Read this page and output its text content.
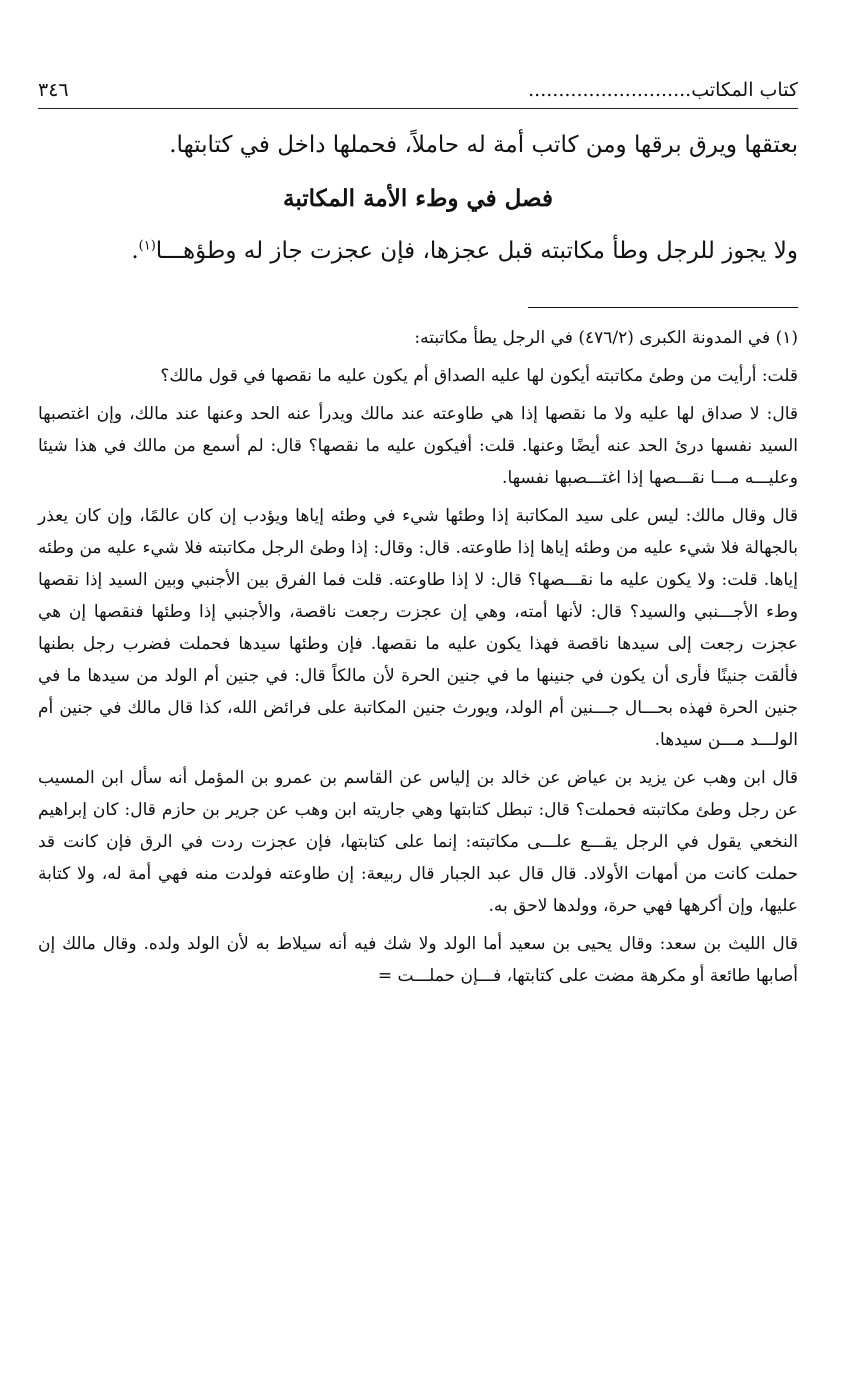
كتاب المكاتب...........................
٣٤٦
بعتقها ويرق برقها ومن كاتب أمة له حاملاً، فحملها داخل في كتابتها.
فصل في وطء الأمة المكاتبة
ولا يجوز للرجل وطأ مكاتبته قبل عجزها، فإن عجزت جاز له وطؤهـــا$^{(١)}$.

(١) في المدونة الكبرى (٤٧٦/٢) في الرجل يطأ مكاتبته:

قلت: أرأيت من وطئ مكاتبته أيكون لها عليه الصداق أم يكون عليه ما نقصها في قول مالك؟

قال: لا صداق لها عليه ولا ما نقصها إذا هي طاوعته عند مالك ويدرأ عنه الحد وعنها عند مالك، وإن اغتصبها السيد نفسها درئ الحد عنه أيضًا وعنها. قلت: أفيكون عليه ما نقصها؟ قال: لم أسمع من مالك في هذا شيئا وعليـــه مـــا نقـــصها إذا اغتـــصبها نفسها.

قال وقال مالك: ليس على سيد المكاتبة إذا وطئها شيء في وطئه إياها ويؤدب إن كان عالمًا، وإن كان يعذر بالجهالة فلا شيء عليه من وطئه إياها إذا طاوعته. قال: وقال: إذا وطئ الرجل مكاتبته فلا شيء عليه من وطئه إياها. قلت: ولا يكون عليه ما نقـــصها؟ قال: لا إذا طاوعته. قلت فما الفرق بين الأجنبي وبين السيد إذا نقصها وطء الأجـــنبي والسيد؟ قال: لأنها أمته، وهي إن عجزت رجعت ناقصة، والأجنبي إذا وطئها فنقصها إن هي عجزت رجعت إلى سيدها ناقصة فهذا يكون عليه ما نقصها. فإن وطئها سيدها فحملت فضرب رجل بطنها فألقت جنينًا فأرى أن يكون في جنينها ما في جنين الحرة لأن مالكاً قال: في جنين أم الولد من سيدها ما في جنين الحرة فهذه بحـــال جـــنين أم الولد، ويورث جنين المكاتبة على فرائض الله، كذا قال مالك في جنين أم الولـــد مـــن سيدها.

قال ابن وهب عن يزيد بن عياض عن خالد بن إلياس عن القاسم بن عمرو بن المؤمل أنه سأل ابن المسيب عن رجل وطئ مكاتبته فحملت؟ قال: تبطل كتابتها وهي جاريته ابن وهب عن جرير بن حازم قال: كان إبراهيم النخعي يقول في الرجل يقـــع علـــى مكاتبته: إنما على كتابتها، فإن عجزت ردت في الرق فإن كانت قد حملت كانت من أمهات الأولاد. قال قال عبد الجبار قال ربيعة: إن طاوعته فولدت منه فهي أمة له، ولا كتابة عليها، وإن أكرهها فهي حرة، وولدها لاحق به.

قال الليث بن سعد: وقال يحيى بن سعيد أما الولد ولا شك فيه أنه سيلاط به لأن الولد ولده. وقال مالك إن أصابها طائعة أو مكرهة مضت على كتابتها، فـــإن حملـــت =
